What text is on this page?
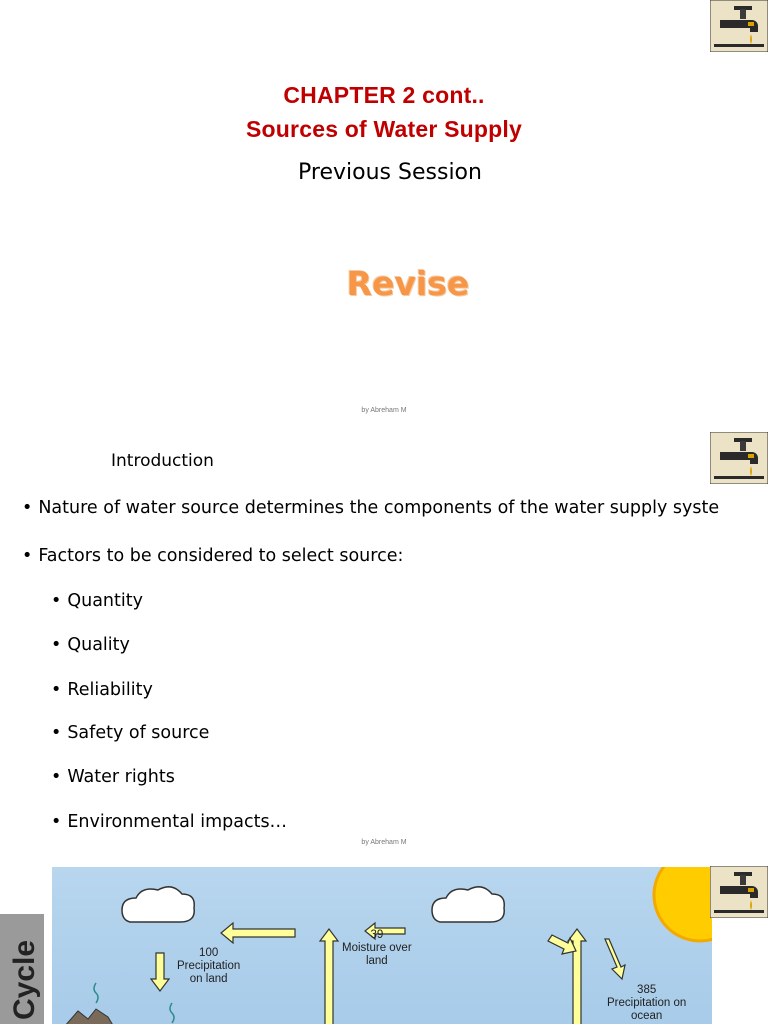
CHAPTER 2 cont..
Sources of Water Supply
Previous Session
Revise
by Abreham M
Introduction
• Nature of water source determines the components of the water supply syste
• Factors to be considered to select source:
• Quantity
• Quality
• Reliability
• Safety of source
• Water rights
• Environmental impacts…
by Abreham M
Cycle	100
Precipitation
on land
39
Moisture over
land
385
Precipitation on
ocean
